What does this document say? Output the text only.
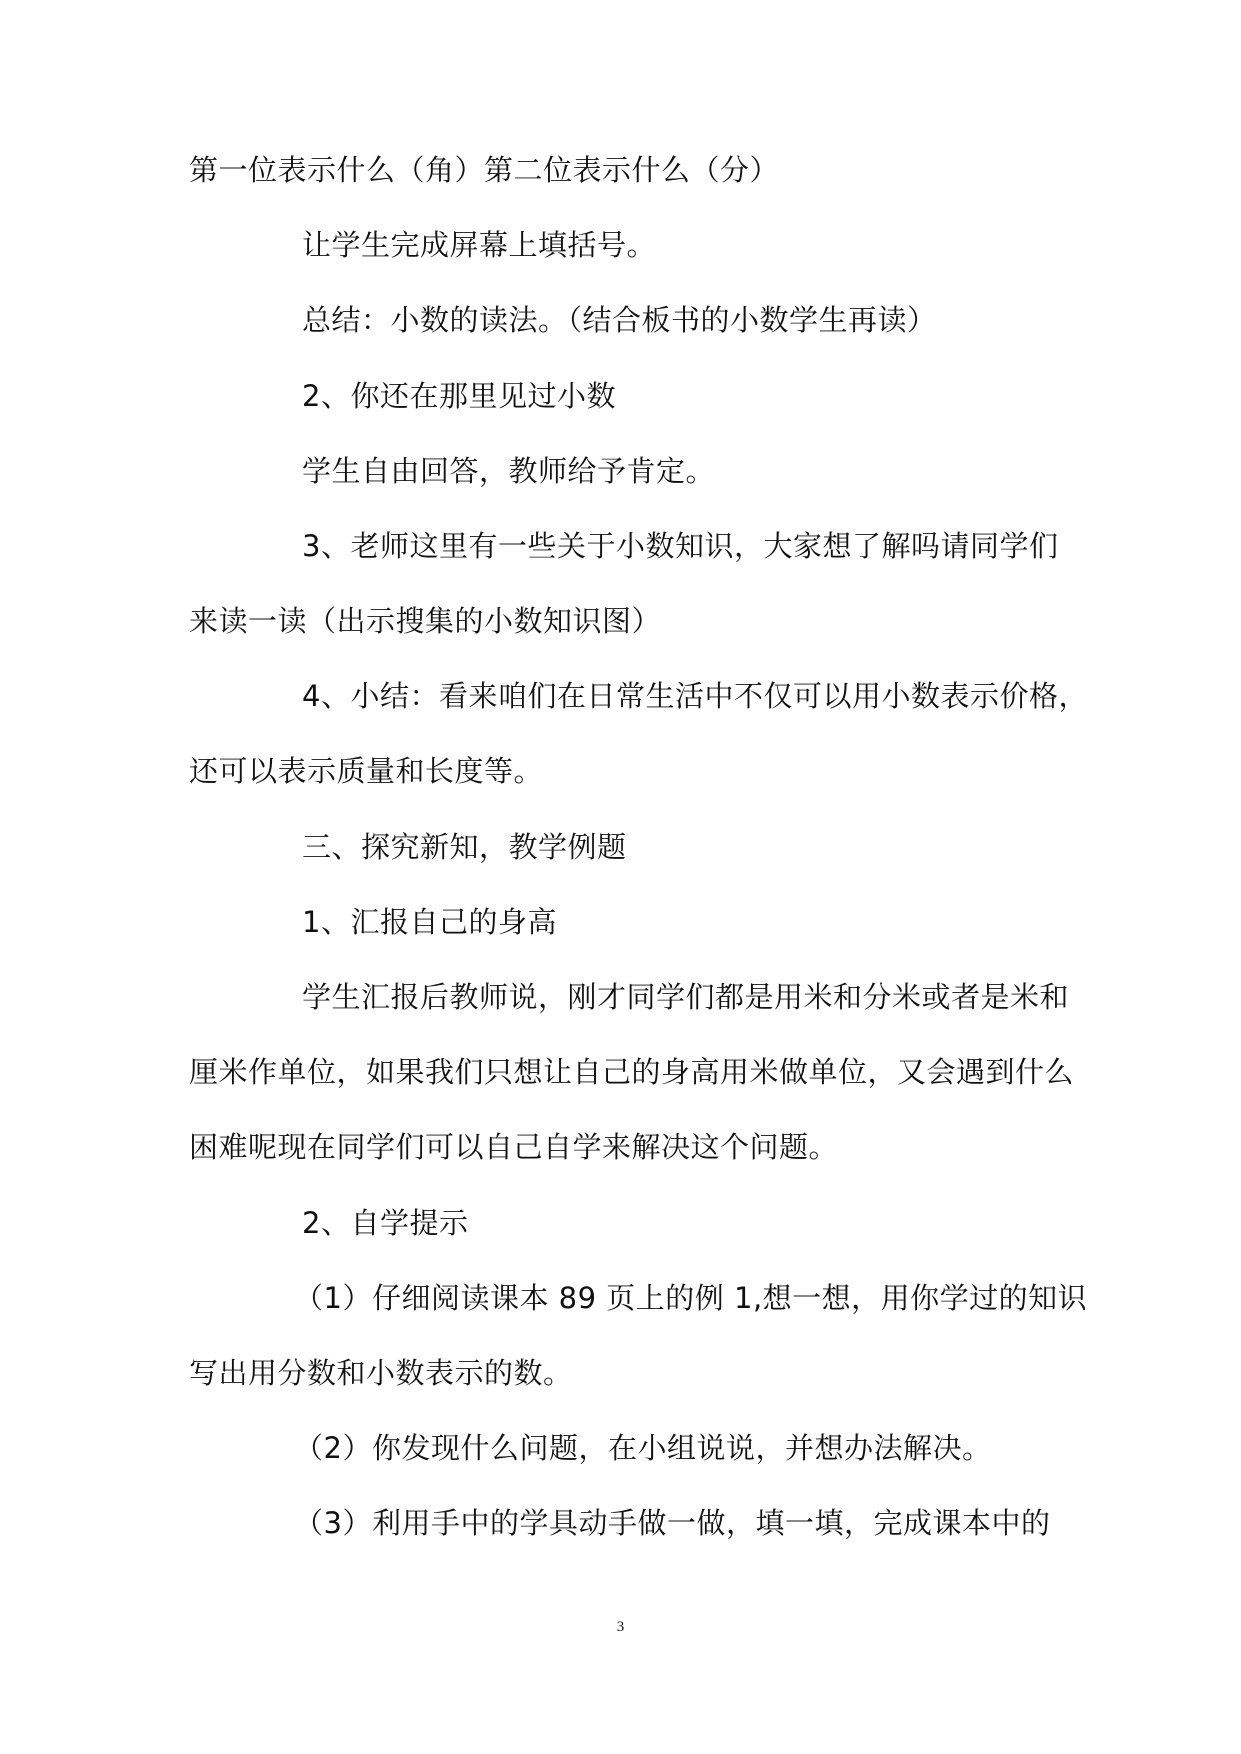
第一位表示什么（角）第二位表示什么（分）
让学生完成屏幕上填括号。
总结：小数的读法。（结合板书的小数学生再读）
2、你还在那里见过小数
学生自由回答，教师给予肯定。
3、老师这里有一些关于小数知识，大家想了解吗请同学们
来读一读（出示搜集的小数知识图）
4、小结：看来咱们在日常生活中不仅可以用小数表示价格，
还可以表示质量和长度等。
三、探究新知，教学例题
1、汇报自己的身高
学生汇报后教师说，刚才同学们都是用米和分米或者是米和
厘米作单位，如果我们只想让自己的身高用米做单位，又会遇到什么
困难呢现在同学们可以自己自学来解决这个问题。
2、自学提示
（1）仔细阅读课本 89 页上的例 1,想一想，用你学过的知识
写出用分数和小数表示的数。
（2）你发现什么问题，在小组说说，并想办法解决。
（3）利用手中的学具动手做一做，填一填，完成课本中的
3
